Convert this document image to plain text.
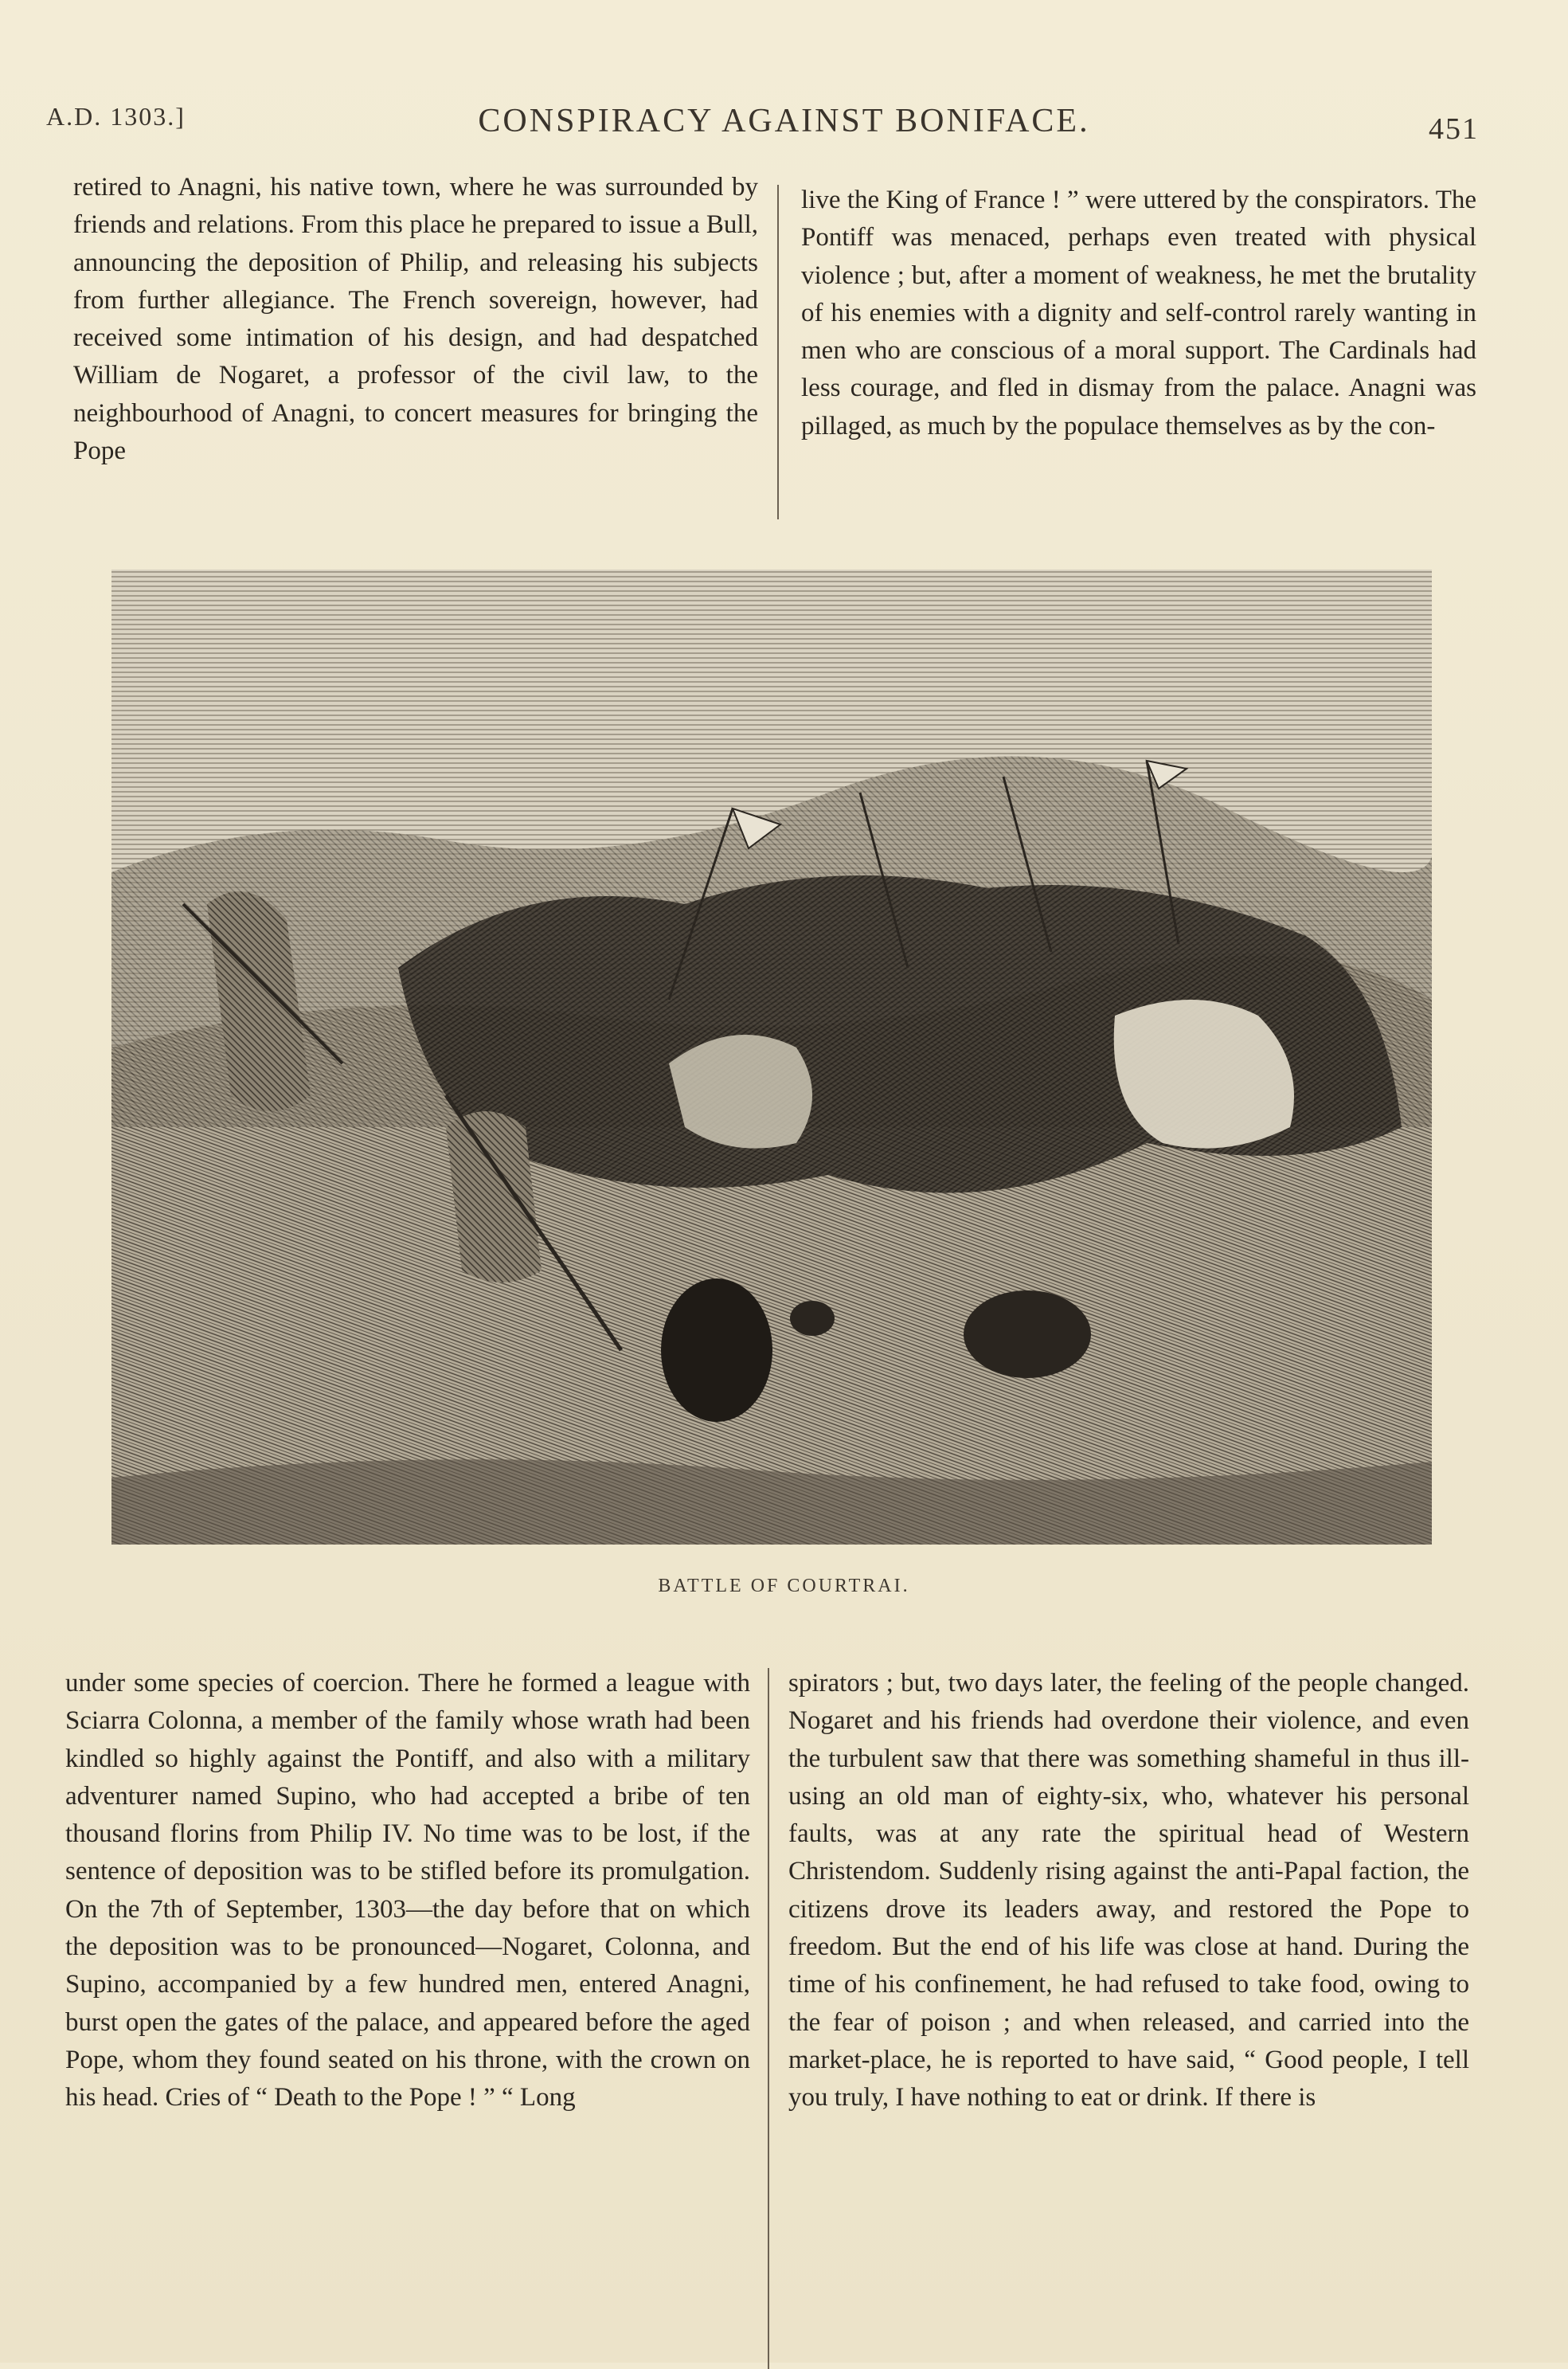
A.D. 1303.]	CONSPIRACY AGAINST BONIFACE.	451
retired to Anagni, his native town, where he was surrounded by friends and relations. From this place he prepared to issue a Bull, announcing the deposition of Philip, and releasing his subjects from further allegiance. The French sovereign, however, had received some intimation of his design, and had despatched William de Nogaret, a professor of the civil law, to the neighbourhood of Anagni, to concert measures for bringing the Pope
live the King of France ! ” were uttered by the conspirators. The Pontiff was menaced, perhaps even treated with physical violence ; but, after a moment of weakness, he met the brutality of his enemies with a dignity and self-control rarely wanting in men who are conscious of a moral support. The Cardinals had less courage, and fled in dismay from the palace. Anagni was pillaged, as much by the populace themselves as by the con-
BATTLE OF COURTRAI.
under some species of coercion. There he formed a league with Sciarra Colonna, a member of the family whose wrath had been kindled so highly against the Pontiff, and also with a military adventurer named Supino, who had accepted a bribe of ten thousand florins from Philip IV. No time was to be lost, if the sentence of deposition was to be stifled before its promulgation. On the 7th of September, 1303—the day before that on which the deposition was to be pronounced—Nogaret, Colonna, and Supino, accompanied by a few hundred men, entered Anagni, burst open the gates of the palace, and appeared before the aged Pope, whom they found seated on his throne, with the crown on his head. Cries of “ Death to the Pope ! ” “ Long
spirators ; but, two days later, the feeling of the people changed. Nogaret and his friends had overdone their violence, and even the turbulent saw that there was something shameful in thus ill-using an old man of eighty-six, who, whatever his personal faults, was at any rate the spiritual head of Western Christendom. Suddenly rising against the anti-Papal faction, the citizens drove its leaders away, and restored the Pope to freedom. But the end of his life was close at hand. During the time of his confinement, he had refused to take food, owing to the fear of poison ; and when released, and carried into the market-place, he is reported to have said, “ Good people, I tell you truly, I have nothing to eat or drink. If there is
